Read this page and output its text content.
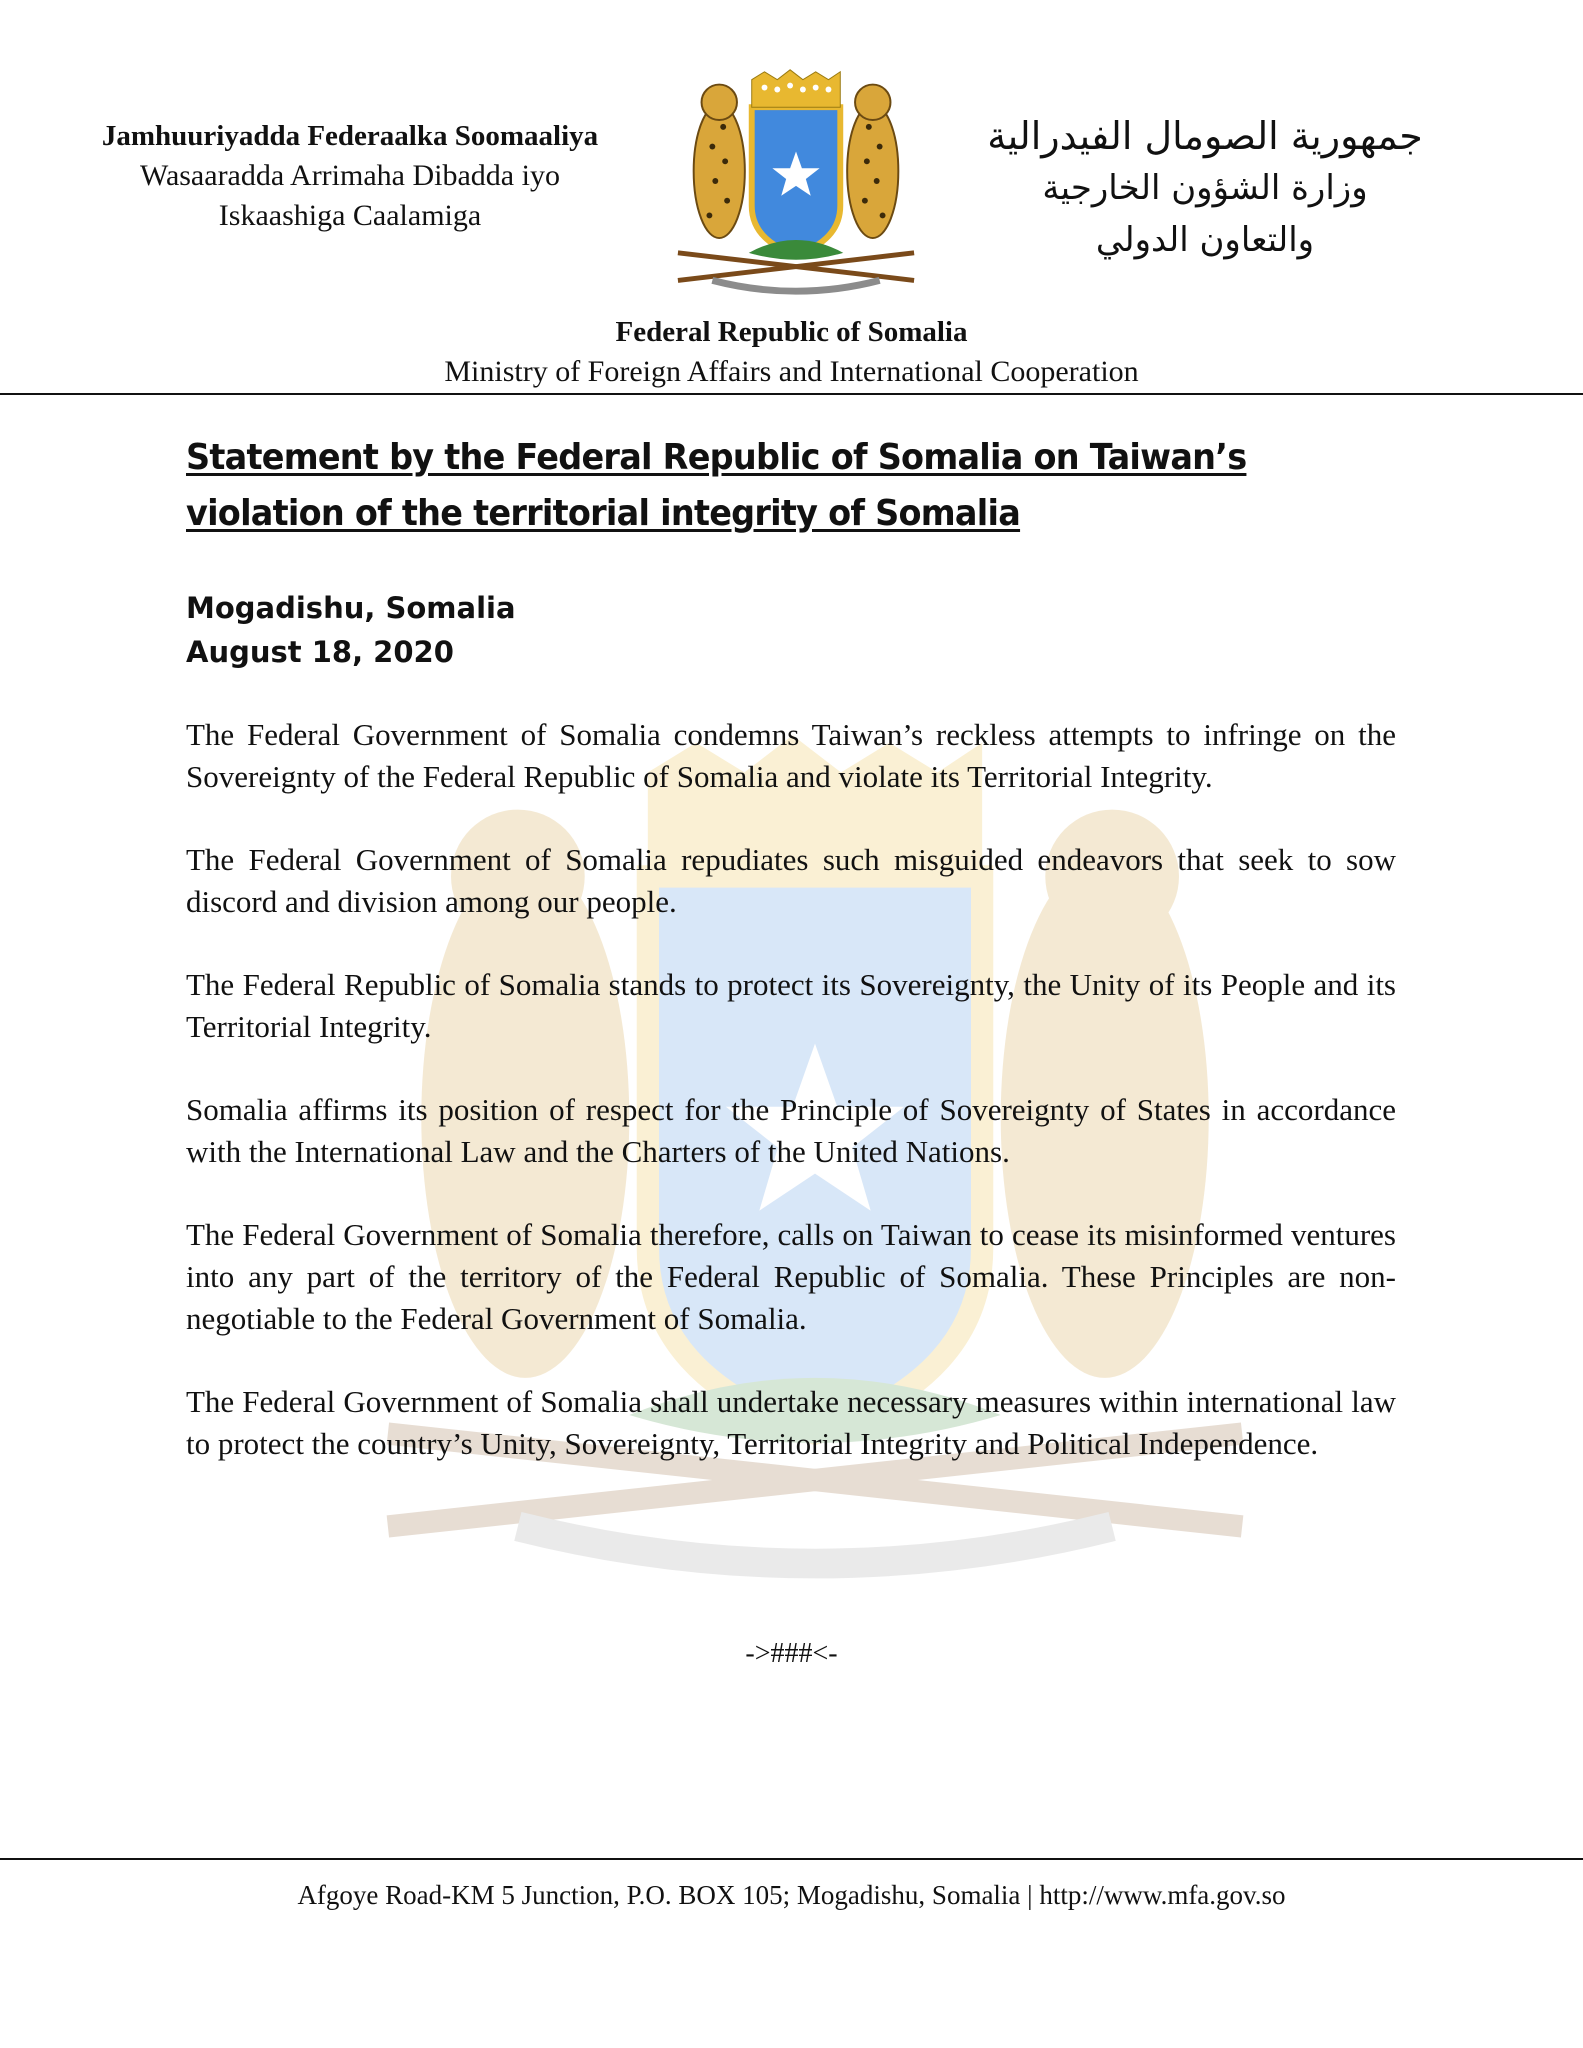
Jamhuuriyadda Federaalka Soomaaliya
Wasaaradda Arrimaha Dibadda iyo
Iskaashiga Caalamiga
جمهورية الصومال الفيدرالية
وزارة الشؤون الخارجية
والتعاون الدولي
Federal Republic of Somalia
Ministry of Foreign Affairs and International Cooperation
Statement by the Federal Republic of Somalia on Taiwan’s violation of the territorial integrity of Somalia
Mogadishu, Somalia
August 18, 2020

The Federal Government of Somalia condemns Taiwan’s reckless attempts to infringe on the Sovereignty of the Federal Republic of Somalia and violate its Territorial Integrity.

The Federal Government of Somalia repudiates such misguided endeavors that seek to sow discord and division among our people.

The Federal Republic of Somalia stands to protect its Sovereignty, the Unity of its People and its Territorial Integrity.

Somalia affirms its position of respect for the Principle of Sovereignty of States in accordance with the International Law and the Charters of the United Nations.

The Federal Government of Somalia therefore, calls on Taiwan to cease its misinformed ventures into any part of the territory of the Federal Republic of Somalia. These Principles are non-negotiable to the Federal Government of Somalia.

The Federal Government of Somalia shall undertake necessary measures within international law to protect the country’s Unity, Sovereignty, Territorial Integrity and Political Independence.

->###<-
Afgoye Road-KM 5 Junction, P.O. BOX 105; Mogadishu, Somalia | http://www.mfa.gov.so
